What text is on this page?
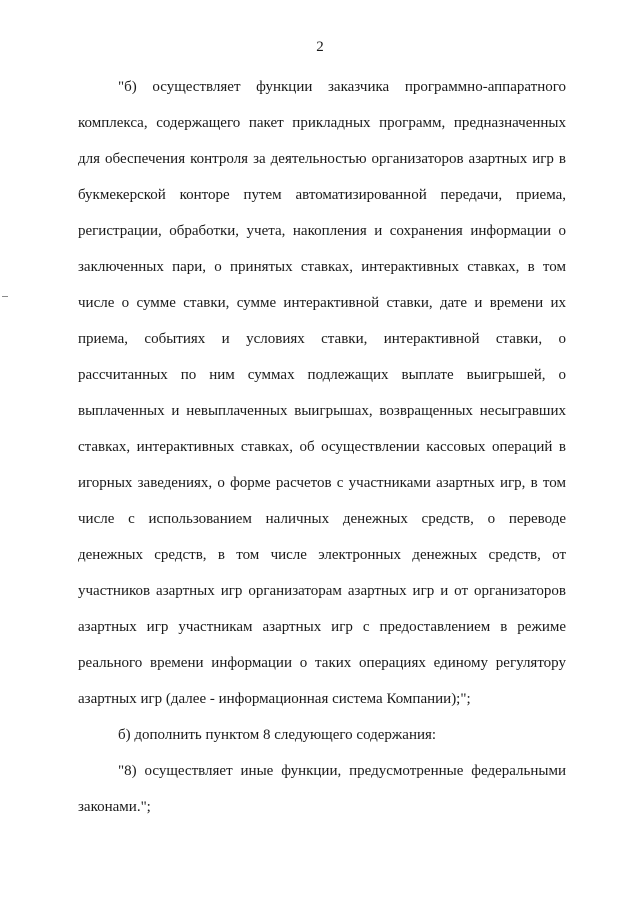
2
"б) осуществляет функции заказчика программно-аппаратного
комплекса, содержащего пакет прикладных программ, предназначенных
для обеспечения контроля за деятельностью организаторов азартных игр в
букмекерской конторе путем автоматизированной передачи, приема,
регистрации, обработки, учета, накопления и сохранения информации о
заключенных пари, о принятых ставках, интерактивных ставках, в том
числе о сумме ставки, сумме интерактивной ставки, дате и времени их
приема, событиях и условиях ставки, интерактивной ставки, о
рассчитанных по ним суммах подлежащих выплате выигрышей, о
выплаченных и невыплаченных выигрышах, возвращенных несыгравших
ставках, интерактивных ставках, об осуществлении кассовых операций в
игорных заведениях, о форме расчетов с участниками азартных игр, в том
числе с использованием наличных денежных средств, о переводе
денежных средств, в том числе электронных денежных средств, от
участников азартных игр организаторам азартных игр и от организаторов
азартных игр участникам азартных игр с предоставлением в режиме
реального времени информации о таких операциях единому регулятору
азартных игр (далее - информационная система Компании);";
б) дополнить пунктом 8 следующего содержания:
"8) осуществляет иные функции, предусмотренные федеральными
законами.";
